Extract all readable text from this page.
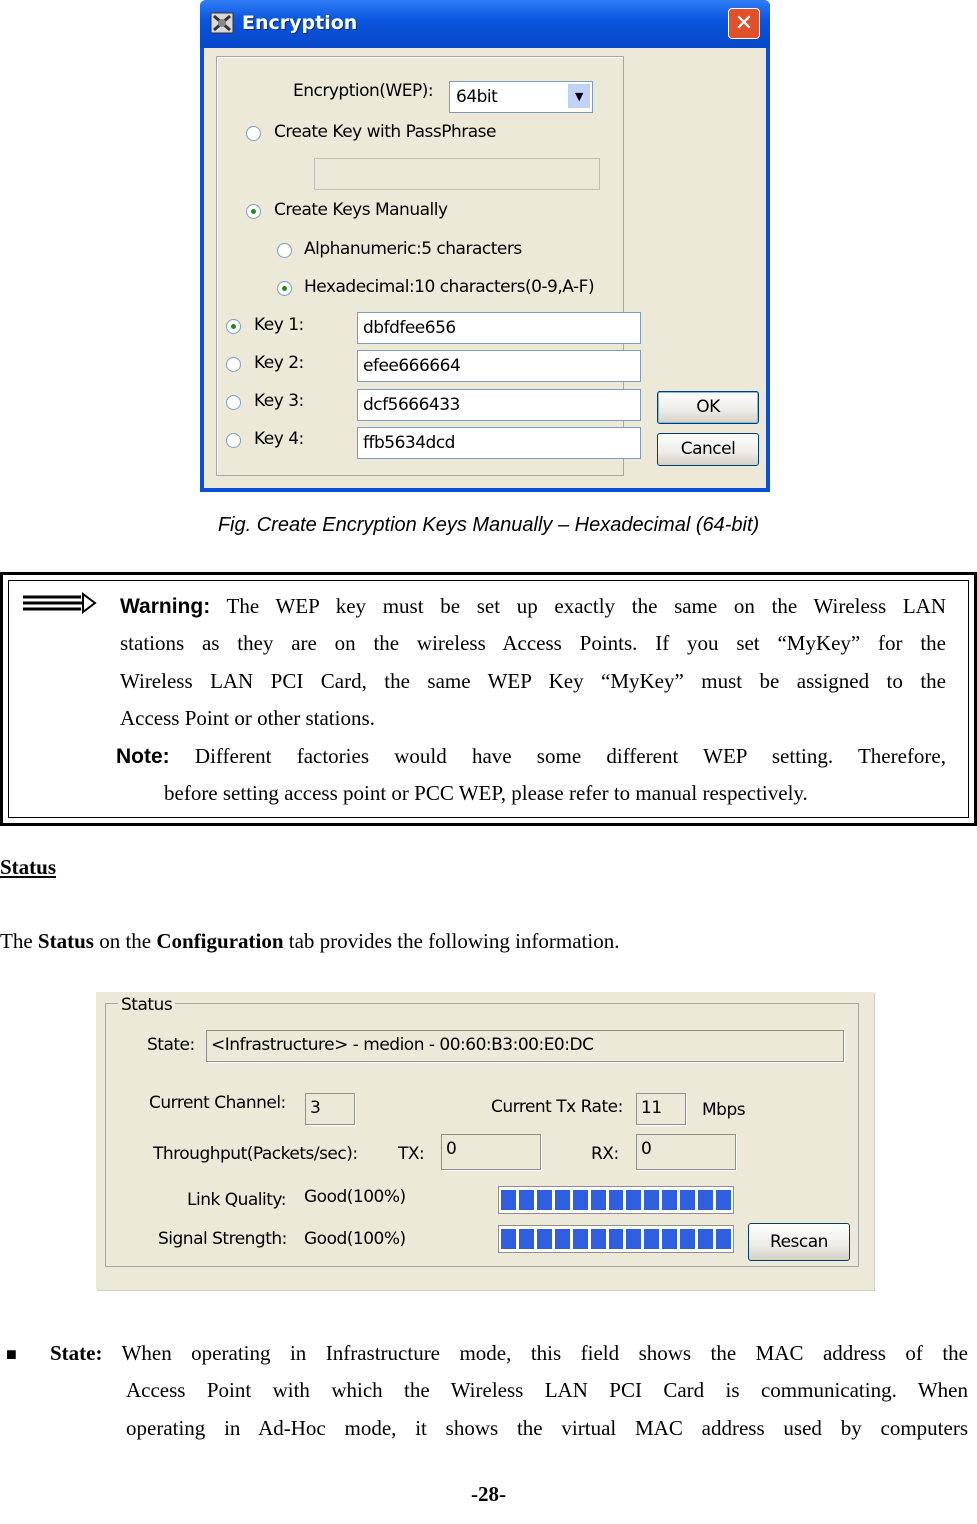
Encryption	✕
Encryption(WEP): 64bit	▼
Create Key with PassPhrase
Create Keys Manually
Alphanumeric:5 characters
Hexadecimal:10 characters(0-9,A-F)
Key 1:	dbfdfee656
Key 2:	efee666664
Key 3:	dcf5666433
Key 4:	ffb5634dcd
OK
Cancel
Fig. Create Encryption Keys Manually – Hexadecimal (64-bit)
Warning: The WEP key must be set up exactly the same on the Wireless LAN
stations as they are on the wireless Access Points. If you set “MyKey” for the
Wireless LAN PCI Card, the same WEP Key “MyKey” must be assigned to the
Access Point or other stations.
Note: Different factories would have some different WEP setting. Therefore,
before setting access point or PCC WEP, please refer to manual respectively.
Status
The Status on the Configuration tab provides the following information.
Status
State: <Infrastructure> - medion - 00:60:B3:00:E0:DC
Current Channel: 3	Current Tx Rate: 11	Mbps
Throughput(Packets/sec): TX: 0	RX: 0
Link Quality: Good(100%)
Signal Strength: Good(100%)	Rescan
■ State: When operating in Infrastructure mode, this field shows the MAC address of the
Access Point with which the Wireless LAN PCI Card is communicating. When
operating in Ad-Hoc mode, it shows the virtual MAC address used by computers
-28-
